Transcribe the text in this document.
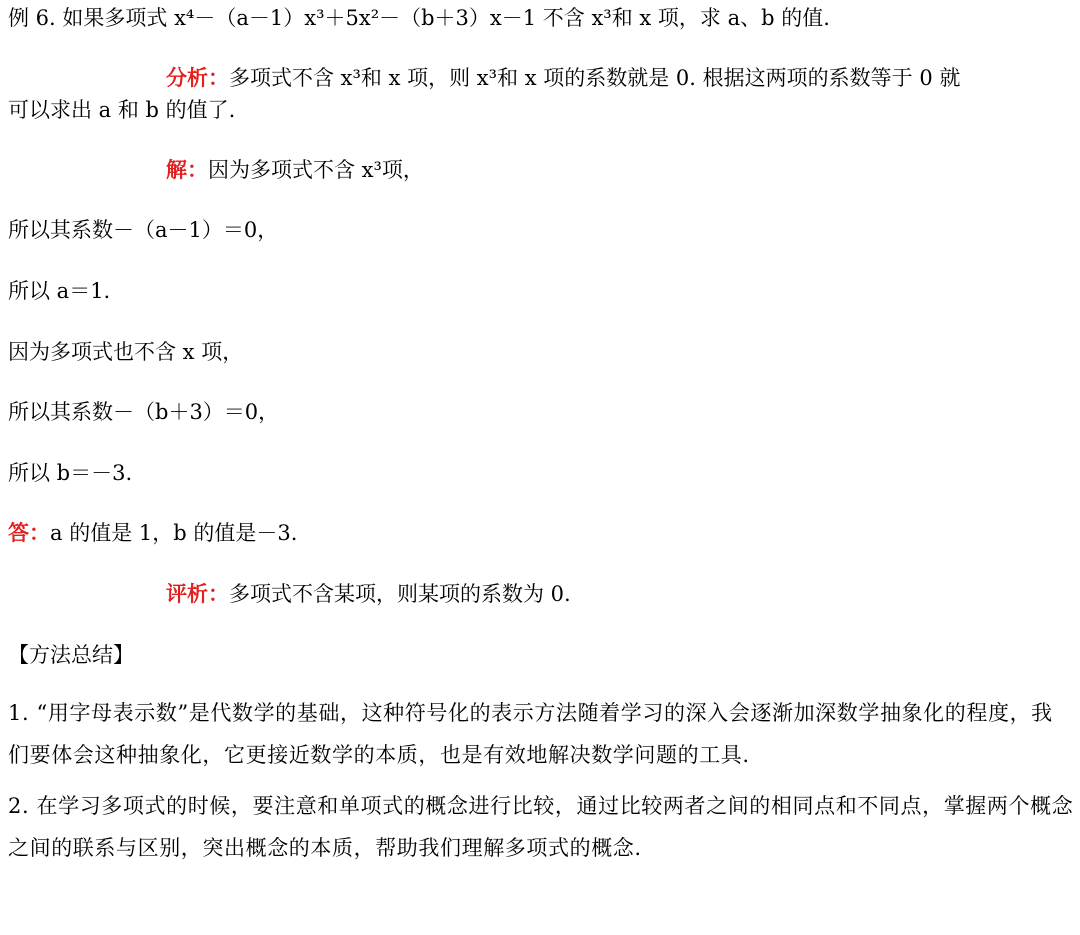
例 6. 如果多项式 x⁴－（a－1）x³＋5x²－（b＋3）x－1 不含 x³和 x 项，求 a、b 的值.
分析：多项式不含 x³和 x 项，则 x³和 x 项的系数就是 0. 根据这两项的系数等于 0 就
可以求出 a 和 b 的值了.
解：因为多项式不含 x³项，
所以其系数－（a－1）＝0，
所以 a＝1.
因为多项式也不含 x 项，
所以其系数－（b＋3）＝0，
所以 b＝－3.
答：a 的值是 1，b 的值是－3.
评析：多项式不含某项，则某项的系数为 0.
【方法总结】
1. “用字母表示数”是代数学的基础，这种符号化的表示方法随着学习的深入会逐渐加深数学抽象化的程度，我们要体会这种抽象化，它更接近数学的本质，也是有效地解决数学问题的工具.
2. 在学习多项式的时候，要注意和单项式的概念进行比较，通过比较两者之间的相同点和不同点，掌握两个概念之间的联系与区别，突出概念的本质，帮助我们理解多项式的概念.
